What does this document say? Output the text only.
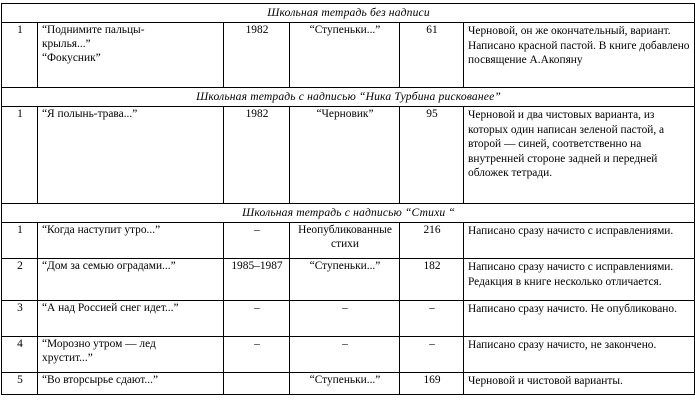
Школьная тетрадь без надписи					
1	“Поднимите пальцы-
крылья...”
“Фокусник”	1982	“Ступеньки...”	61	Черновой, он же окончательный, вариант. Написано красной пастой. В книге добавлено посвящение А.Акопяну
Школьная тетрадь с надписью “Ника Турбина рискованее”					
1	“Я полынь-трава...”	1982	“Черновик”	95	Черновой и два чистовых варианта, из которых один написан зеленой пастой, а второй — синей, соответственно на внутренней стороне задней и передней обложек тетради.
Школьная тетрадь с надписью “Стихи “					
1	“Когда наступит утро...”	–	Неопубликованные стихи	216	Написано сразу начисто с исправлениями.
2	“Дом за семью оградами...”	1985–1987	“Ступеньки...”	182	Написано сразу начисто с исправлениями. Редакция в книге несколько отличается.
3	“А над Россией снег идет...”	–	–	–	Написано сразу начисто. Не опубликовано.
4	“Морозно утром — лед
хрустит...”	–	–	–	Написано сразу начисто, не закончено.
5	“Во вторсырье сдают...”		“Ступеньки...”	169	Черновой и чистовой варианты.
